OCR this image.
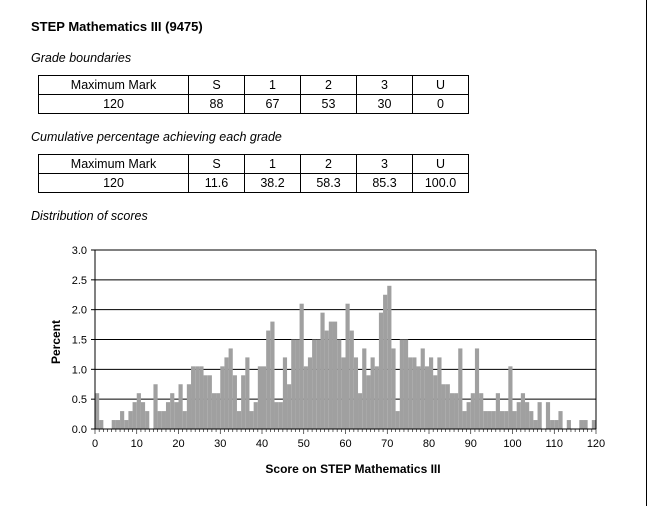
STEP Mathematics III (9475)
Grade boundaries
Maximum Mark	S	1	2	3	U
120	88	67	53	30	0
Cumulative percentage achieving each grade
Maximum Mark	S	1	2	3	U
120	11.6	38.2	58.3	85.3	100.0
Distribution of scores
0.0
0.5
1.0
1.5
2.0
2.5
3.0
0	10	20	30	40	50	60	70	80	90 100 110 120
Score on STEP Mathematics III
Percent
